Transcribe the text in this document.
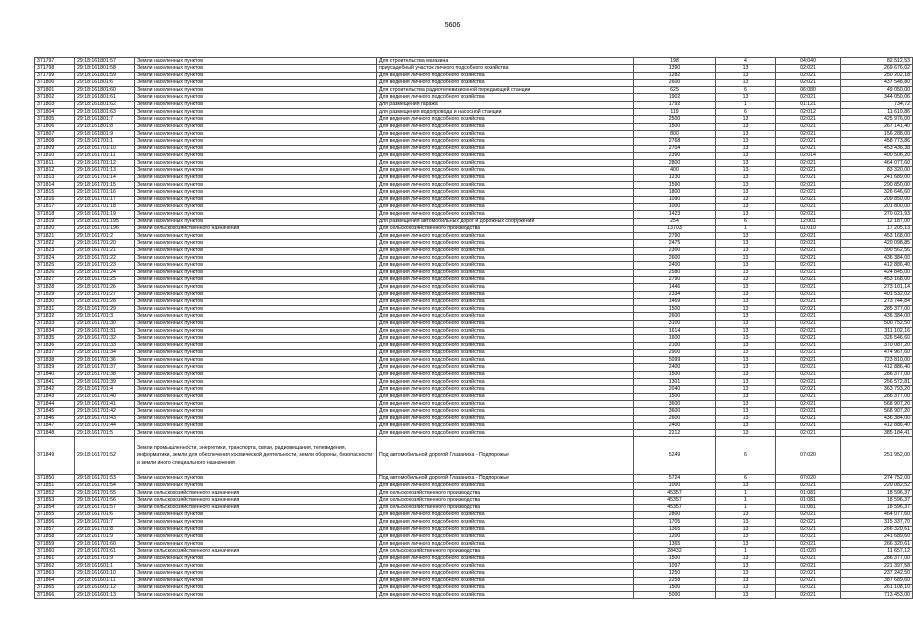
5606
371797	29:18:161801:57	Земли населенных пунктов	Для строительства магазина	198	4	04:040	82 512,53
371798	29:18:161801:58	Земли населенных пунктов	приусадебный участок личного подсобного хозяйства	1390	13	02:021	269 676,02
371799	29:18:161801:59	Земли населенных пунктов	Для ведения личного подсобного хозяйства	1282	13	02:021	250 202,18
371800	29:18:161801:6	Земли населенных пунктов	Для ведения личного подсобного хозяйства	2600	13	02:021	437 548,80
371801	29:18:161801:60	Земли населенных пунктов	Для строительства радиотелевизионной передающей станции	625	6	06:080	49 050,00
371802	29:18:161801:61	Земли населенных пунктов	Для ведения личного подсобного хозяйства	1902	13	02:021	344 050,06
371803	29:18:161801:62	Земли населенных пунктов	для размещения гаража	1792	1	01:121	734,72
371804	29:18:161801:63	Земли населенных пунктов	для размещения водопровода и насосной станции	119	6	02:012	11 610,86
371805	29:18:161801:7	Земли населенных пунктов	Для ведения личного подсобного хозяйства	2500	13	02:021	425 976,00
371806	29:18:161801:8	Земли населенных пунктов	Для ведения личного подсобного хозяйства	1500	13	02:021	267 141,40
371807	29:18:161801:9	Земли населенных пунктов	Для ведения личного подсобного хозяйства	800	13	02:021	156 288,00
371808	29:18:161701:1	Земли населенных пунктов	Для ведения личного подсобного хозяйства	2768	13	02:021	458 773,86
371809	29:18:161701:10	Земли населенных пунктов	Для ведения личного подсобного хозяйства	2704	13	02:021	453 436,38
371810	29:18:161701:11	Земли населенных пунктов	Для ведения личного подсобного хозяйства	2390	13	02:014	400 506,20
371811	29:18:161701:12	Земли населенных пунктов	Для ведения личного подсобного хозяйства	2800	13	02:021	464 077,60
371812	29:18:161701:13	Земли населенных пунктов	Для ведения личного подсобного хозяйства	400	13	02:021	83 320,00
371813	29:18:161701:14	Земли населенных пунктов	Для ведения личного подсобного хозяйства	1230	13	02:021	241 689,00
371814	29:18:161701:15	Земли населенных пунктов	Для ведения личного подсобного хозяйства	1590	13	02:021	290 850,00
371815	29:18:161701:16	Земли населенных пунктов	Для ведения личного подсобного хозяйства	1800	13	02:021	326 646,60
371816	29:18:161701:17	Земли населенных пунктов	Для ведения личного подсобного хозяйства	1090	13	02:021	209 850,00
371817	29:18:161701:18	Земли населенных пунктов	Для ведения личного подсобного хозяйства	1000	13	02:021	201 800,00
371818	29:18:161701:19	Земли населенных пунктов	Для ведения личного подсобного хозяйства	1423	13	02:021	270 021,93
371819	29:18:161701:195	Земли населенных пунктов	для размещения автомобильных дорог и дорожных сооружений	254	6	12:001	12 187,00
371820	29:18:161701:196	Земли сельскохозяйственного назначения	Для сельскохозяйственного производства	13703	1	01:010	17 205,13
371821	29:18:161701:2	Земли населенных пунктов	Для ведения личного подсобного хозяйства	2790	13	02:021	453 168,00
371822	29:18:161701:20	Земли населенных пунктов	Для ведения личного подсобного хозяйства	2475	13	02:021	420 098,85
371823	29:18:161701:21	Земли населенных пунктов	Для ведения личного подсобного хозяйства	2300	13	02:021	390 562,56
371824	29:18:161701:22	Земли населенных пунктов	Для ведения личного подсобного хозяйства	2600	13	02:021	436 384,00
371825	29:18:161701:23	Земли населенных пунктов	Для ведения личного подсобного хозяйства	2400	13	02:021	412 886,40
371826	29:18:161701:24	Земли населенных пунктов	Для ведения личного подсобного хозяйства	2580	13	02:021	424 845,00
371827	29:18:161701:25	Земли населенных пунктов	Для ведения личного подсобного хозяйства	2790	13	02:021	453 168,00
371828	29:18:161701:26	Земли населенных пунктов	Для ведения личного подсобного хозяйства	1446	13	02:021	273 101,14
371829	29:18:161701:27	Земли населенных пунктов	Для ведения личного подсобного хозяйства	2334	13	02:021	401 532,02
371830	29:18:161701:28	Земли населенных пунктов	Для ведения личного подсобного хозяйства	1469	13	02:021	273 744,84
371831	29:18:161701:29	Земли населенных пунктов	Для ведения личного подсобного хозяйства	1500	13	02:021	285 377,00
371832	29:18:161701:3	Земли населенных пунктов	Для ведения личного подсобного хозяйства	2600	13	02:021	436 384,00
371833	29:18:161701:30	Земли населенных пунктов	Для ведения личного подсобного хозяйства	3100	13	02:021	500 752,50
371834	29:18:161701:31	Земли населенных пунктов	Для ведения личного подсобного хозяйства	1614	13	02:021	311 102,16
371835	29:18:161701:32	Земли населенных пунктов	Для ведения личного подсобного хозяйства	1600	13	02:021	326 546,60
371836	29:18:161701:33	Земли населенных пунктов	Для ведения личного подсобного хозяйства	2100	13	02:021	370 087,20
371837	29:18:161701:34	Земли населенных пунктов	Для ведения личного подсобного хозяйства	2900	13	02:021	474 967,60
371838	29:18:161701:36	Земли населенных пунктов	Для ведения личного подсобного хозяйства	5099	13	02:021	723 810,00
371839	29:18:161701:37	Земли населенных пунктов	Для ведения личного подсобного хозяйства	2400	13	02:021	412 886,40
371840	29:18:161701:38	Земли населенных пунктов	Для ведения личного подсобного хозяйства	1500	13	02:021	286 377,00
371841	29:18:161701:39	Земли населенных пунктов	Для ведения личного подсобного хозяйства	1301	13	02:021	256 572,81
371842	29:18:161701:4	Земли населенных пунктов	Для ведения личного подсобного хозяйства	2040	13	02:021	363 793,20
371843	29:18:161701:40	Земли населенных пунктов	Для ведения личного подсобного хозяйства	1500	13	02:021	286 377,00
371844	29:18:161701:41	Земли населенных пунктов	Для ведения личного подсобного хозяйства	3600	13	02:021	568 907,20
371845	29:18:161701:42	Земли населенных пунктов	Для ведения личного подсобного хозяйства	3600	13	02:021	568 907,20
371846	29:18:161701:43	Земли населенных пунктов	Для ведения личного подсобного хозяйства	2600	13	02:021	436 384,00
371847	29:18:161701:44	Земли населенных пунктов	Для ведения личного подсобного хозяйства	2400	13	02:021	412 886,40
371848	29:18:161701:5	Земли населенных пунктов	Для ведения личного подсобного хозяйства	2212	13	02:021	385 184,41
371849	29:18:161701:52	Земли промышленности, энергетики, транспорта, связи, радиовещания, телевидения, информатики, земли для обеспечения космической деятельности, земли обороны, безопасности и земли иного специального назначения	Под автомобильной дорогой Глазаниха - Подпорожье	5249	6	07:020	251 952,00
371850	29:18:161701:53	Земли населенных пунктов	Под автомобильной дорогой Глазаниха - Подпорожье	5724	6	07:020	274 752,00
371851	29:18:161701:54	Земли населенных пунктов	Для ведения личного подсобного хозяйства	1000	13	02:021	220 082,52
371852	29:18:161701:55	Земли сельскохозяйственного назначения	Для сельскохозяйственного производства	45357	1	01:081	18 596,37
371853	29:18:161701:56	Земли сельскохозяйственного назначения	Для сельскохозяйственного производства	45357	1	01:081	18 596,37
371854	29:18:161701:57	Земли сельскохозяйственного назначения	Для сельскохозяйственного производства	45357	1	01:081	18 596,37
371855	29:18:161701:6	Земли населенных пунктов	Для ведения личного подсобного хозяйства	2800	13	02:021	464 077,60
371856	29:18:161701:7	Земли населенных пунктов	Для ведения личного подсобного хозяйства	1705	13	02:021	315 337,70
371857	29:18:161701:8	Земли населенных пунктов	Для ведения личного подсобного хозяйства	1365	13	02:021	266 320,61
371858	29:18:161701:9	Земли населенных пунктов	Для ведения личного подсобного хозяйства	1200	13	02:021	241 689,60
371859	29:18:161701:60	Земли населенных пунктов	Для ведения личного подсобного хозяйства	1365	13	02:021	266 320,61
371860	29:18:161701:61	Земли сельскохозяйственного назначения	Для сельскохозяйственного производства	28432	1	01:020	11 657,12
371861	29:18:161701:9	Земли населенных пунктов	Для ведения личного подсобного хозяйства	1500	13	02:021	286 377,00
371862	29:18:161601:1	Земли населенных пунктов	Для ведения личного подсобного хозяйства	1097	13	02:021	221 397,58
371863	29:18:161601:10	Земли населенных пунктов	Для ведения личного подсобного хозяйства	1250	13	02:021	237 242,50
371864	29:18:161601:11	Земли населенных пунктов	Для ведения личного подсобного хозяйства	2258	13	02:021	387 689,60
371865	29:18:161601:12	Земли населенных пунктов	Для ведения личного подсобного хозяйства	1500	13	02:021	261 108,10
371866	29:18:161601:13	Земли населенных пунктов	Для ведения личного подсобного хозяйства	5000	13	02:021	713 453,00
